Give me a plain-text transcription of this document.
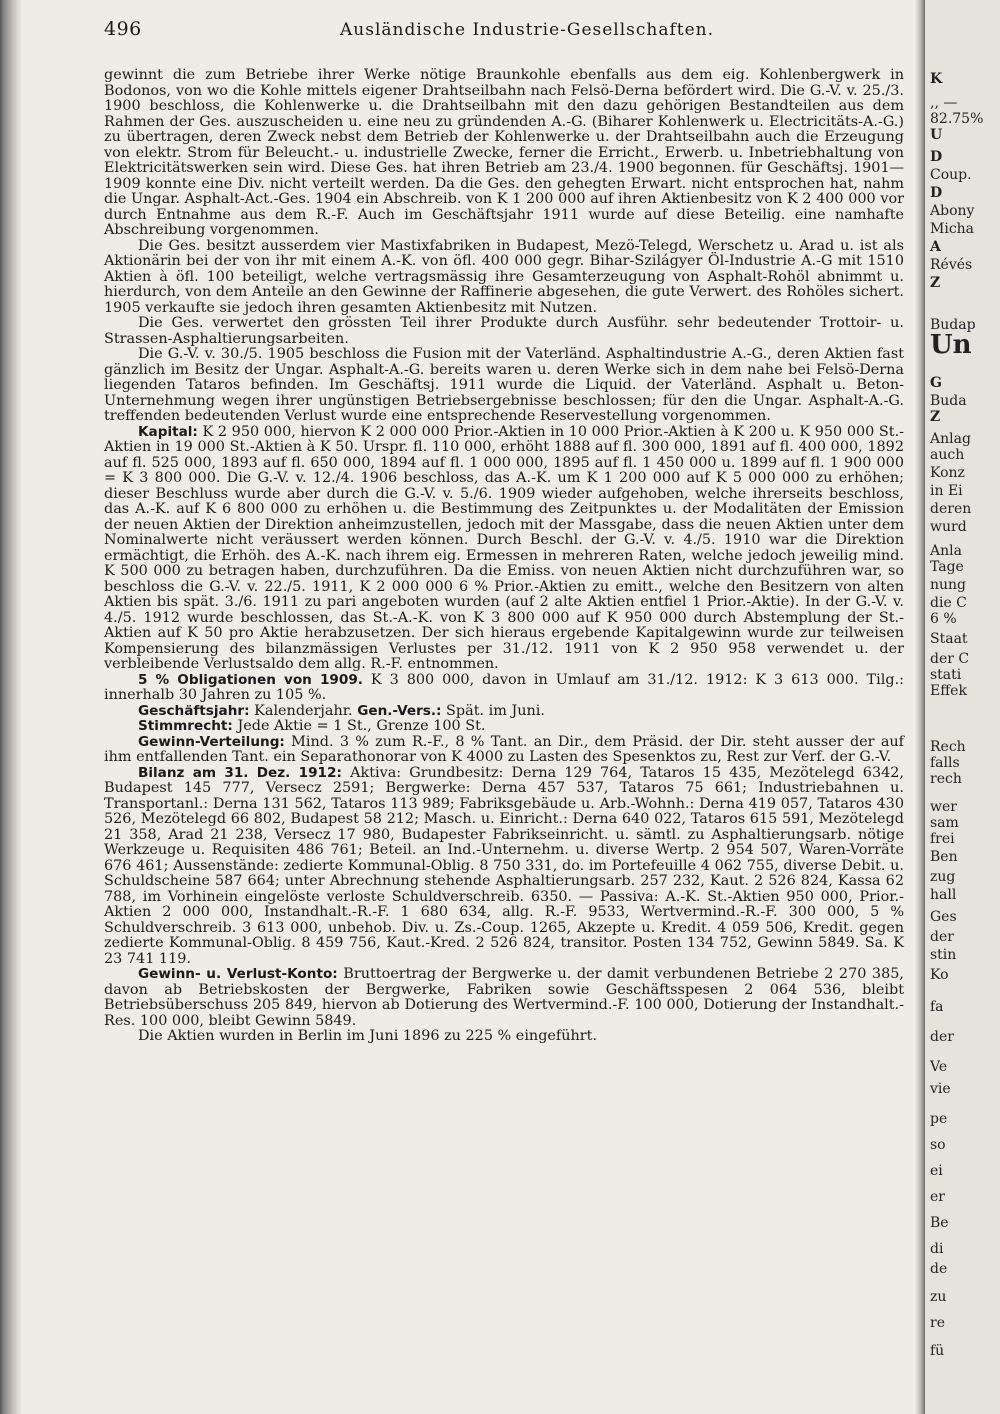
496	Ausländische Industrie-Gesellschaften.

gewinnt die zum Betriebe ihrer Werke nötige Braunkohle ebenfalls aus dem eig. Kohlenbergwerk in Bodonos, von wo die Kohle mittels eigener Drahtseilbahn nach Felsö-Derna befördert wird. Die G.-V. v. 25./3. 1900 beschloss, die Kohlenwerke u. die Drahtseilbahn mit den dazu gehörigen Bestandteilen aus dem Rahmen der Ges. auszuscheiden u. eine neu zu gründenden A.-G. (Biharer Kohlenwerk u. Electricitäts-A.-G.) zu übertragen, deren Zweck nebst dem Betrieb der Kohlenwerke u. der Drahtseilbahn auch die Erzeugung von elektr. Strom für Beleucht.- u. industrielle Zwecke, ferner die Erricht., Erwerb. u. Inbetriebhaltung von Elektricitätswerken sein wird. Diese Ges. hat ihren Betrieb am 23./4. 1900 begonnen. für Geschäftsj. 1901—1909 konnte eine Div. nicht verteilt werden. Da die Ges. den gehegten Erwart. nicht entsprochen hat, nahm die Ungar. Asphalt-Act.-Ges. 1904 ein Abschreib. von K 1 200 000 auf ihren Aktienbesitz von K 2 400 000 vor durch Entnahme aus dem R.-F. Auch im Geschäftsjahr 1911 wurde auf diese Beteilig. eine namhafte Abschreibung vorgenommen.

Die Ges. besitzt ausserdem vier Mastixfabriken in Budapest, Mezö-Telegd, Werschetz u. Arad u. ist als Aktionärin bei der von ihr mit einem A.-K. von öfl. 400 000 gegr. Bihar-Szilágyer Öl-Industrie A.-G mit 1510 Aktien à öfl. 100 beteiligt, welche vertragsmässig ihre Gesamterzeugung von Asphalt-Rohöl abnimmt u. hierdurch, von dem Anteile an den Gewinne der Raffinerie abgesehen, die gute Verwert. des Rohöles sichert. 1905 verkaufte sie jedoch ihren gesamten Aktienbesitz mit Nutzen.

Die Ges. verwertet den grössten Teil ihrer Produkte durch Ausführ. sehr bedeutender Trottoir- u. Strassen-Asphaltierungsarbeiten.

Die G.-V. v. 30./5. 1905 beschloss die Fusion mit der Vaterländ. Asphaltindustrie A.-G., deren Aktien fast gänzlich im Besitz der Ungar. Asphalt-A.-G. bereits waren u. deren Werke sich in dem nahe bei Felsö-Derna liegenden Tataros befinden. Im Geschäftsj. 1911 wurde die Liquid. der Vaterländ. Asphalt u. Beton-Unternehmung wegen ihrer ungünstigen Betriebsergebnisse beschlossen; für den die Ungar. Asphalt-A.-G. treffenden bedeutenden Verlust wurde eine entsprechende Reservestellung vorgenommen.

Kapital: K 2 950 000, hiervon K 2 000 000 Prior.-Aktien in 10 000 Prior.-Aktien à K 200 u. K 950 000 St.-Aktien in 19 000 St.-Aktien à K 50. Urspr. fl. 110 000, erhöht 1888 auf fl. 300 000, 1891 auf fl. 400 000, 1892 auf fl. 525 000, 1893 auf fl. 650 000, 1894 auf fl. 1 000 000, 1895 auf fl. 1 450 000 u. 1899 auf fl. 1 900 000 = K 3 800 000. Die G.-V. v. 12./4. 1906 beschloss, das A.-K. um K 1 200 000 auf K 5 000 000 zu erhöhen; dieser Beschluss wurde aber durch die G.-V. v. 5./6. 1909 wieder aufgehoben, welche ihrerseits beschloss, das A.-K. auf K 6 800 000 zu erhöhen u. die Bestimmung des Zeitpunktes u. der Modalitäten der Emission der neuen Aktien der Direktion anheimzustellen, jedoch mit der Massgabe, dass die neuen Aktien unter dem Nominalwerte nicht veräussert werden können. Durch Beschl. der G.-V. v. 4./5. 1910 war die Direktion ermächtigt, die Erhöh. des A.-K. nach ihrem eig. Ermessen in mehreren Raten, welche jedoch jeweilig mind. K 500 000 zu betragen haben, durchzuführen. Da die Emiss. von neuen Aktien nicht durchzuführen war, so beschloss die G.-V. v. 22./5. 1911, K 2 000 000 6 % Prior.-Aktien zu emitt., welche den Besitzern von alten Aktien bis spät. 3./6. 1911 zu pari angeboten wurden (auf 2 alte Aktien entfiel 1 Prior.-Aktie). In der G.-V. v. 4./5. 1912 wurde beschlossen, das St.-A.-K. von K 3 800 000 auf K 950 000 durch Abstemplung der St.-Aktien auf K 50 pro Aktie herabzusetzen. Der sich hieraus ergebende Kapitalgewinn wurde zur teilweisen Kompensierung des bilanzmässigen Verlustes per 31./12. 1911 von K 2 950 958 verwendet u. der verbleibende Verlustsaldo dem allg. R.-F. entnommen.

5 % Obligationen von 1909. K 3 800 000, davon in Umlauf am 31./12. 1912: K 3 613 000. Tilg.: innerhalb 30 Jahren zu 105 %.

Geschäftsjahr: Kalenderjahr. Gen.-Vers.: Spät. im Juni.

Stimmrecht: Jede Aktie = 1 St., Grenze 100 St.

Gewinn-Verteilung: Mind. 3 % zum R.-F., 8 % Tant. an Dir., dem Präsid. der Dir. steht ausser der auf ihm entfallenden Tant. ein Separathonorar von K 4000 zu Lasten des Spesenktos zu, Rest zur Verf. der G.-V.

Bilanz am 31. Dez. 1912: Aktiva: Grundbesitz: Derna 129 764, Tataros 15 435, Mezötelegd 6342, Budapest 145 777, Versecz 2591; Bergwerke: Derna 457 537, Tataros 75 661; Industriebahnen u. Transportanl.: Derna 131 562, Tataros 113 989; Fabriksgebäude u. Arb.-Wohnh.: Derna 419 057, Tataros 430 526, Mezötelegd 66 802, Budapest 58 212; Masch. u. Einricht.: Derna 640 022, Tataros 615 591, Mezötelegd 21 358, Arad 21 238, Versecz 17 980, Budapester Fabrikseinricht. u. sämtl. zu Asphaltierungsarb. nötige Werkzeuge u. Requisiten 486 761; Beteil. an Ind.-Unternehm. u. diverse Wertp. 2 954 507, Waren-Vorräte 676 461; Aussenstände: zedierte Kommunal-Oblig. 8 750 331, do. im Portefeuille 4 062 755, diverse Debit. u. Schuldscheine 587 664; unter Abrechnung stehende Asphaltierungsarb. 257 232, Kaut. 2 526 824, Kassa 62 788, im Vorhinein eingelöste verloste Schuldverschreib. 6350. — Passiva: A.-K. St.-Aktien 950 000, Prior.-Aktien 2 000 000, Instandhalt.-R.-F. 1 680 634, allg. R.-F. 9533, Wertvermind.-R.-F. 300 000, 5 % Schuldverschreib. 3 613 000, unbehob. Div. u. Zs.-Coup. 1265, Akzepte u. Kredit. 4 059 506, Kredit. gegen zedierte Kommunal-Oblig. 8 459 756, Kaut.-Kred. 2 526 824, transitor. Posten 134 752, Gewinn 5849. Sa. K 23 741 119.

Gewinn- u. Verlust-Konto: Bruttoertrag der Bergwerke u. der damit verbundenen Betriebe 2 270 385, davon ab Betriebskosten der Bergwerke, Fabriken sowie Geschäftsspesen 2 064 536, bleibt Betriebsüberschuss 205 849, hiervon ab Dotierung des Wertvermind.-F. 100 000, Dotierung der Instandhalt.-Res. 100 000, bleibt Gewinn 5849.

Die Aktien wurden in Berlin im Juni 1896 zu 225 % eingeführt.

K
‚‚ —
82.75%
U
D
Coup.
D
Abony
Micha
A
Révés
Z
Budap
Un
G
Buda
Z
Anlag
auch
Konz
in Ei
deren
wurd
Anla
Tage
nung
die C
6 %
Staat
der C
stati
Effek
Rech
falls
rech
wer
sam
frei
Ben
zug
hall
Ges
der
stin
Ko
fa
der
Ve
vie
pe
so
ei
er
Be
di
de
zu
re
fü
